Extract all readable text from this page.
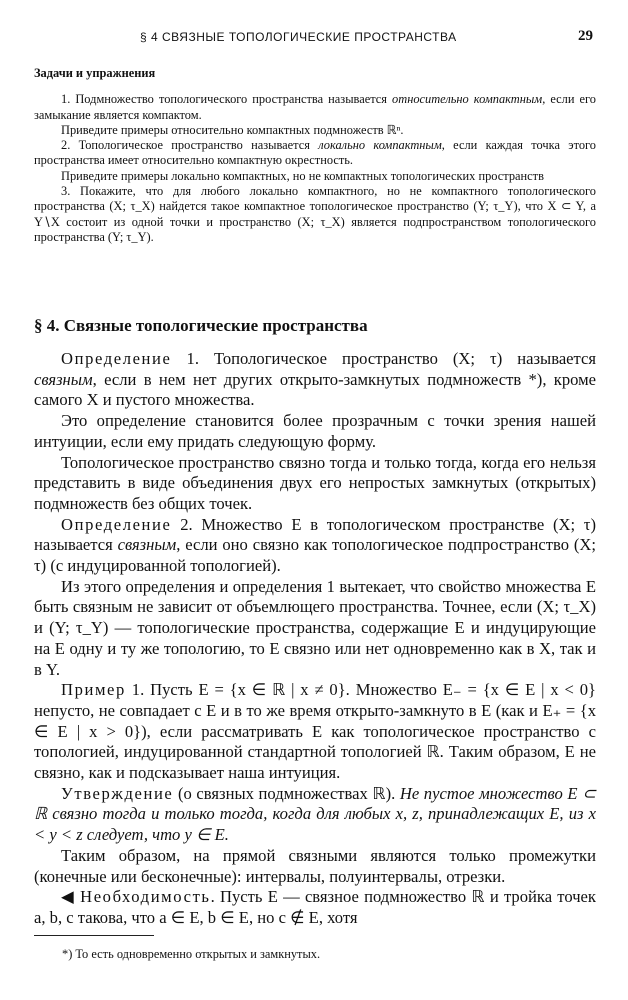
§ 4 СВЯЗНЫЕ ТОПОЛОГИЧЕСКИЕ ПРОСТРАНСТВА	29
Задачи и упражнения

1. Подмножество топологического пространства называется относительно компактным, если его замыкание является компактом.

Приведите примеры относительно компактных подмножеств ℝⁿ.

2. Топологическое пространство называется локально компактным, если каждая точка этого пространства имеет относительно компактную окрестность.

Приведите примеры локально компактных, но не компактных топологических пространств

3. Покажите, что для любого локально компактного, но не компактного топологического пространства (X; τ_X) найдется такое компактное топологическое пространство (Y; τ_Y), что X ⊂ Y, а Y∖X состоит из одной точки и пространство (X; τ_X) является подпространством топологического пространства (Y; τ_Y).

§ 4. Связные топологические пространства

Определение 1. Топологическое пространство (X; τ) называется связным, если в нем нет других открыто-замкнутых подмножеств *), кроме самого X и пустого множества.

Это определение становится более прозрачным с точки зрения нашей интуиции, если ему придать следующую форму.

Топологическое пространство связно тогда и только тогда, когда его нельзя представить в виде объединения двух его непростых замкнутых (открытых) подмножеств без общих точек.

Определение 2. Множество E в топологическом пространстве (X; τ) называется связным, если оно связно как топологическое подпространство (X; τ) (с индуцированной топологией).

Из этого определения и определения 1 вытекает, что свойство множества E быть связным не зависит от объемлющего пространства. Точнее, если (X; τ_X) и (Y; τ_Y) — топологические пространства, содержащие E и индуцирующие на E одну и ту же топологию, то E связно или нет одновременно как в X, так и в Y.

Пример 1. Пусть E = {x ∈ ℝ | x ≠ 0}. Множество E₋ = {x ∈ E | x < 0} непусто, не совпадает с E и в то же время открыто-замкнуто в E (как и E₊ = {x ∈ E | x > 0}), если рассматривать E как топологическое пространство с топологией, индуцированной стандартной топологией ℝ. Таким образом, E не связно, как и подсказывает наша интуиция.

Утверждение (о связных подмножествах ℝ). Не пустое множество E ⊂ ℝ связно тогда и только тогда, когда для любых x, z, принадлежащих E, из x < y < z следует, что y ∈ E.

Таким образом, на прямой связными являются только промежутки (конечные или бесконечные): интервалы, полуинтервалы, отрезки.

◀ Необходимость. Пусть E — связное подмножество ℝ и тройка точек a, b, c такова, что a ∈ E, b ∈ E, но c ∉ E, хотя

*) То есть одновременно открытых и замкнутых.
